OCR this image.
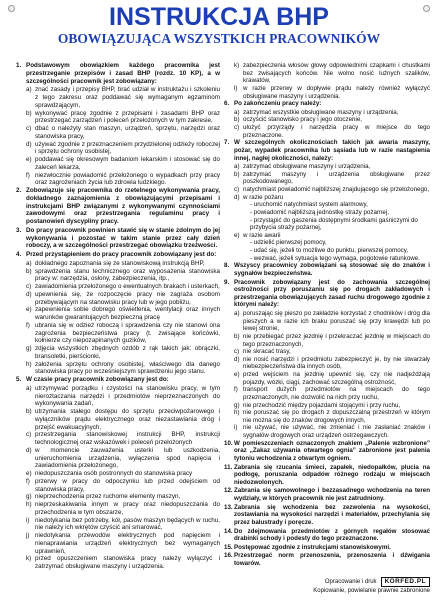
INSTRUKCJA BHP
OBOWIĄZUJĄCA WSZYSTKICH PRACOWNIKÓW
1. Podstawowym obowiązkiem każdego pracownika jest przestrzeganie przepisów i zasad BHP (rozdz. 10 KP), a w szczególności pracownik jest zobowiązany:
a) znać zasady i przepisy BHP, brać udział w instruktażu i szkoleniu z tego zakresu oraz poddawać się wymaganym egzaminom sprawdzającym,
b) wykonywać pracę zgodnie z przepisami i zasadami BHP oraz przestrzegać zarządzeń i poleceń przełożonych w tym zakresie,
c) dbać o należyty stan maszyn, urządzeń, sprzętu, narzędzi oraz stanowiska pracy,
d) używać zgodnie z przeznaczeniem przydzielonej odzieży roboczej i sprzętu ochrony osobistej,
e) poddawać się okresowym badaniom lekarskim i stosować się do zaleceń lekarza,
f) niezwłocznie powiadomić przełożonego o wypadkach przy pracy oraz zagrożeniach życia lub zdrowia ludzkiego.
2. Zobowiązuje się pracownika do rzetelnego wykonywania pracy, dokładnego zaznajomienia z obowiązującymi przepisami i instrukcjami BHP związanymi z wykonywanymi czynnościami zawodowymi oraz przestrzegania regulaminu pracy i postanowień dyscypliny pracy.
3. Do pracy pracownik powinien stawić się w stanie zdolnym do jej wykonywania i pozostać w takim stanie przez cały dzień roboczy, a w szczególności przestrzegać obowiązku trzeźwości.
4. Przed przystąpieniem do pracy pracownik zobowiązany jest do:
a) dokładnego zapoznania się ze stanowiskową instrukcją BHP,
b) sprawdzenia stanu technicznego oraz wyposażenia stanowiska pracy w: narzędzia, osłony, zabezpieczenia, itp.,
c) zawiadomienia przełożonego o ewentualnych brakach i usterkach,
d) upewnienia się, że rozpoczęcie pracy nie zagraża osobom przebywającym na stanowisku pracy lub w jego pobliżu,
e) zapewnienia sobie dobrego oświetlenia, wentylacji oraz innych warunków gwarantujących bezpieczną pracę
f) ubrania się w odzież roboczą i sprawdzenia czy nie stanowi ona zagrożenia bezpieczeństwa pracy (t. zwisające końcówki, kołnierze czy niepozapinanych guzików,
g) zdjęcia wszystkich zbędnych ozdób z rąk takich jak: obrączki, bransoletki, pierścionki,
h) założenia sprzętu ochrony osobistej, właściwego dla danego stanowiska pracy po wcześniejszym sprawdzeniu jego stanu.
5. W czasie pracy pracownik zobowiązany jest do:
a) utrzymywać porządku i czystości na stanowisku pracy, w tym nieroztaczania narzędzi i przedmiotów nieprzeznaczonych do wykonywania zadań,
b) utrzymania stałego dostępu do sprzętu przeciwpożarowego i wyłączników prądu elektrycznego oraz niezastawiania dróg i przejść ewakuacyjnych,
c) przestrzegania stanowiskowej instrukcji BHP, instrukcji technologicznej oraz wskazówek i poleceń przełożonych
d) w momencie zauważenia usterki lub uszkodzenia, unieruchomienia urządzenia, wyłączenia spod napięcia i zawiadomienia przełożonego,
e) niedopuszczania osób postronnych do stanowiska pracy
f) przerwy w pracy do odpoczynku lub przed odejściem od stanowiska pracy,
g) nieprzechodzenia przez ruchome elementy maszyn,
h) nieprzeskakiwania innym w pracy oraz niedopuszczania do przechodzenia w tym obszarze,
i) niedotykania bez potrzeby, kół, pasów maszyn będących w ruchu, nie należy ich wkrętów czyścić ani smarować,
j) niedotykania przewodów elektrycznych pod napięciem i nienaprawiania urządzeń elektrycznych bez wymaganych uprawnień,
k) przed opuszczeniem stanowiska pracy należy wyłączyć i zatrzymać obsługiwane maszyny i urządzenia.
k) zabezpieczenia włosów głowy odpowiednimi czapkami i chustkami bez zwisających końców. Nie wolno nosić luźnych szalików, krawatów,
l) w razie przerwy w dopływie prądu należy również wyłączyć obsługiwane maszyny i urządzenia.
6. Po zakończeniu pracy należy:
a) zatrzymać wszystkie obsługiwane maszyny i urządzenia,
b) oczyścić stanowisko pracy i jego otoczenie,
c) ułożyć przyrządy i narzędzia pracy w miejsce do tego przeznaczone.
7. W szczególnych okolicznościach takich jak awaria maszyny, pożar, wypadek pracownika lub sąsiada lub w razie nastąpienia innej, nagłej okoliczności, należy:
a) zatrzymać obsługiwane maszyny i urządzenia,
b) zatrzymać maszyny i urządzenia obsługiwane przez poszkodowanego,
c) natychmiast powiadomić najbliższej znajdującego się przełożonego,
d) w razie pożaru
- uruchomić natychmiast system alarmowy,
- powiadomić najbliższą jednostkę straży pożarnej,
- przystąpić do gaszenia dostępnymi środkami gaśniczymi do przybycia straży pożarnej,
e) w razie awarii
- udzielić pierwszej pomocy,
- udać się, jeżeli to możliwe do punktu, pierwszej pomocy,
- wezwać, jeżeli sytuacja tego wymaga, pogotowie ratunkowe.
8. Wszyscy pracownicy zobowiązani są stosować się do znaków i sygnałów bezpieczeństwa.
9. Pracownik zobowiązany jest do zachowania szczególnej ostrożności przy poruszaniu się po drogach zakładowych i przestrzegania obowiązujących zasad ruchu drogowego zgodnie z którymi należy:
a) poruszając się pieszo po zakładzie korzystać z chodników i dróg dla pieszych a w razie ich braku poruszać się przy krawędzi lub po lewej stronie,
b) nie przebiegać przez jezdnię i przekraczać jezdnię w miejscach do tego przeznaczonych,
c) nie skracać trasy,
d) nie nosić narzędzi i przedmiotu zabezpieczyć je, by nie stwarzały niebezpieczeństwa dla innych osób,
e) przed wejściem na jezdnię upewnić się, czy nie nadjeżdżają pojazdy, wózki, ciągi, zachować szczególną ostrożność,
f) transport dużych przedmiotów na miejscach do tego przeznaczonych, nie dozwolić na nich przy ruchu,
g) nie przechodzić między pojazdami stojącymi i przy ruchu,
h) nie poruszać się po drogach z dopuszczalną przestrzeń w którym nie można się do znaków drogowych innych,
i) nie używać, nie używać, nie zmieniać i nie zasłaniać znaków i sygnałów drogowych oraz urządzeń ostrzegawczych.
10. W pomieszczeniach oznaczonych znakiem „Palenie wzbronione” oraz „Zakaz używania otwartego ognia” zabronione jest palenia tytoniu wchodzenia z otwartym ogniem.
11. Zabrania się rzucania śmieci, zapałek, niedopałków, plucia na podłogę, poruszania odpadów różnego rodzaju w miejscach niedozwolonych.
12. Zabrania się samowolnego i bezzasadnego wchodzenia na teren wydziały, w których pracownik nie jest zatrudniony.
13. Zabrania się wchodzenia bez zezwolenia na wysokości, zostawiania na wysokości narzędzi i materiałów, przechylania się przez balustrady i poręcze.
14. Do zdejmowania przedmiotów z górnych regałów stosować drabinki schody i podesty do tego przeznaczone.
15. Postępować zgodnie z instrukcjami stanowiskowymi.
16. Przestrzegać norm przenoszenia, przenoszenia i dźwigania towarów.
Opracowanie i druk	KORFED.PL
Kopiowanie, powielanie prawnie zabronione
